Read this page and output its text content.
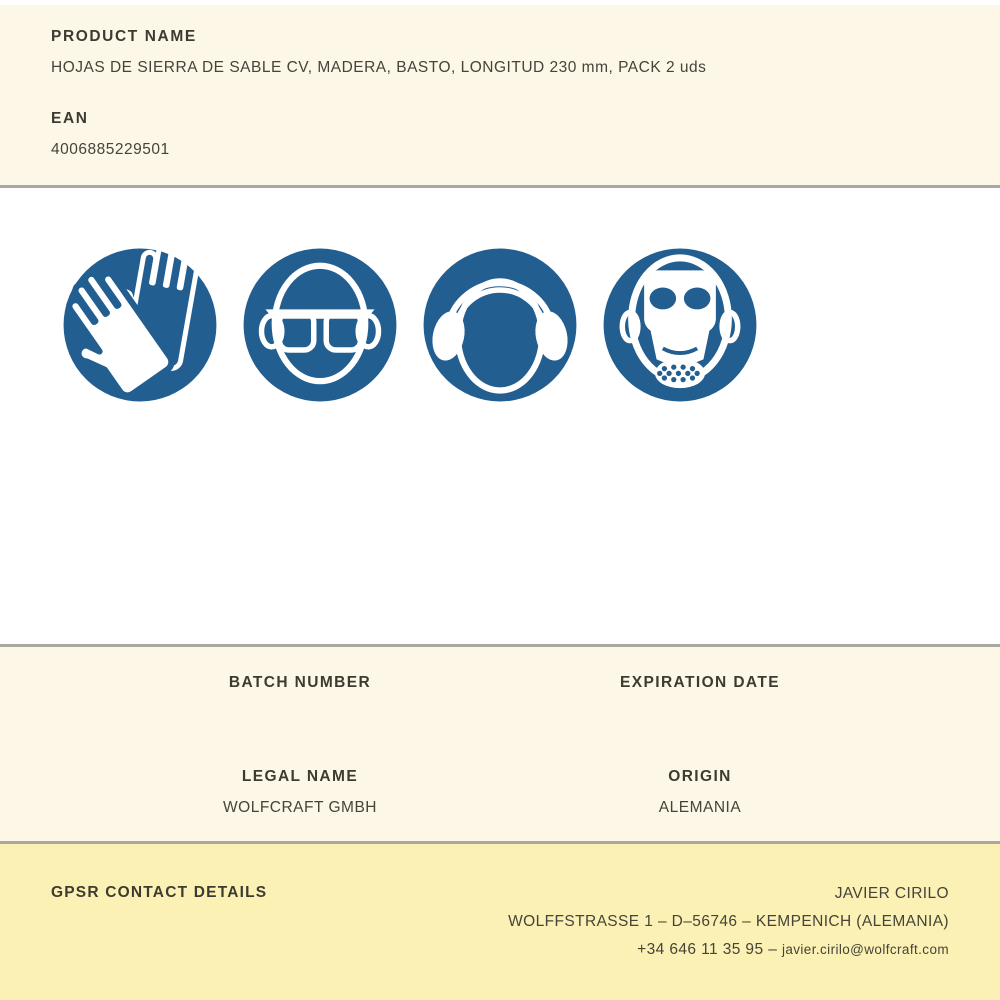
PRODUCT NAME
HOJAS DE SIERRA DE SABLE CV, MADERA, BASTO, LONGITUD 230 mm, PACK 2 uds
EAN
4006885229501
BATCH NUMBER	EXPIRATION DATE
LEGAL NAME
WOLFCRAFT GMBH
ORIGIN
ALEMANIA
GPSR CONTACT DETAILS	JAVIER CIRILO
WOLFFSTRASSE 1 – D–56746 – KEMPENICH (ALEMANIA)
+34 646 11 35 95 – javier.cirilo@wolfcraft.com
